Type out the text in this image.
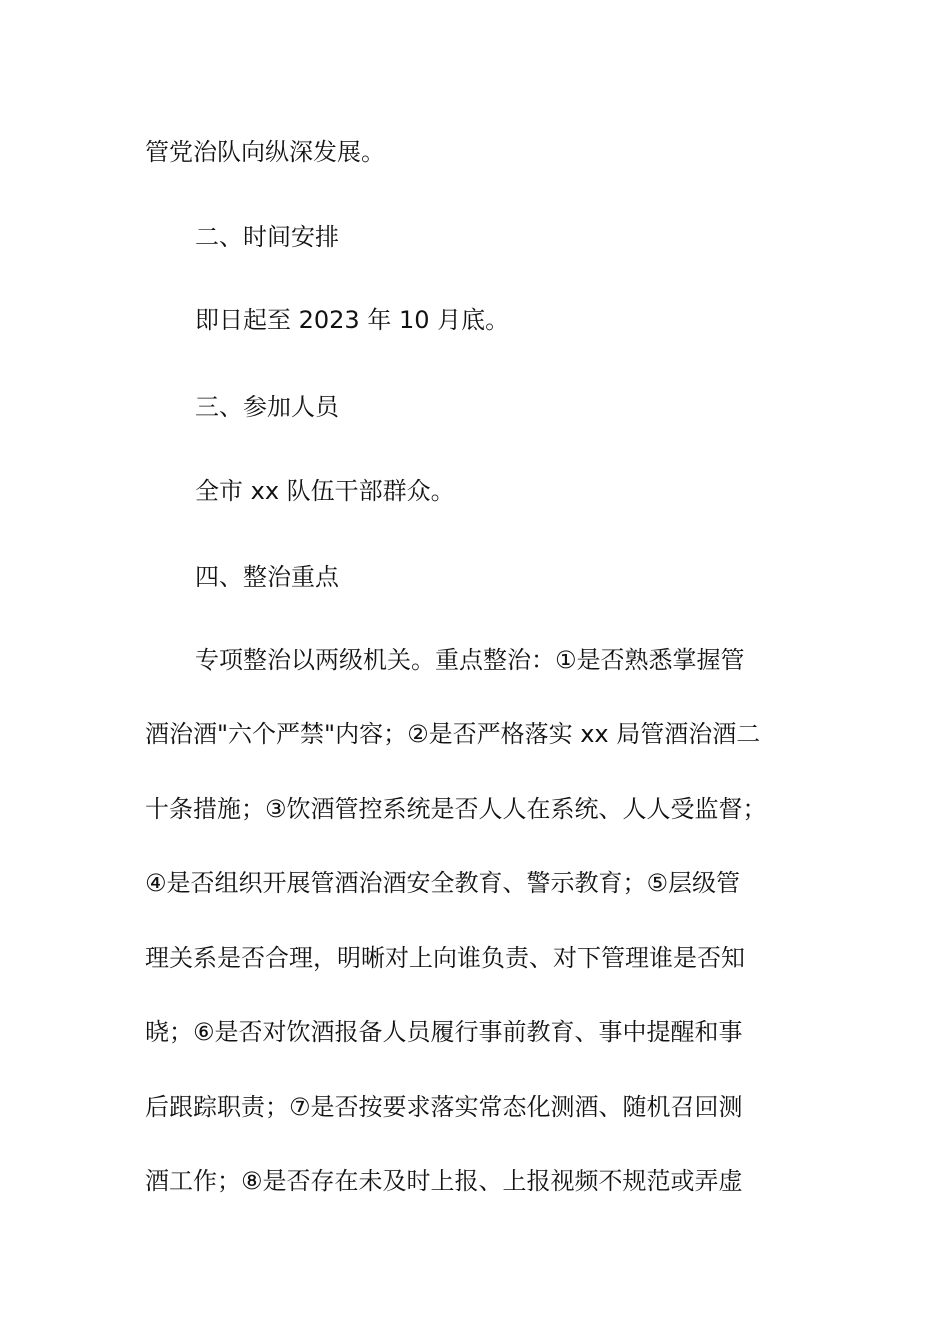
管党治队向纵深发展。
二、时间安排
即日起至 2023 年 10 月底。
三、参加人员
全市 xx 队伍干部群众。
四、整治重点
专项整治以两级机关。重点整治：①是否熟悉掌握管
酒治酒"六个严禁"内容；②是否严格落实 xx 局管酒治酒二
十条措施；③饮酒管控系统是否人人在系统、人人受监督；
④是否组织开展管酒治酒安全教育、警示教育；⑤层级管
理关系是否合理，明晰对上向谁负责、对下管理谁是否知
晓；⑥是否对饮酒报备人员履行事前教育、事中提醒和事
后跟踪职责；⑦是否按要求落实常态化测酒、随机召回测
酒工作；⑧是否存在未及时上报、上报视频不规范或弄虚
